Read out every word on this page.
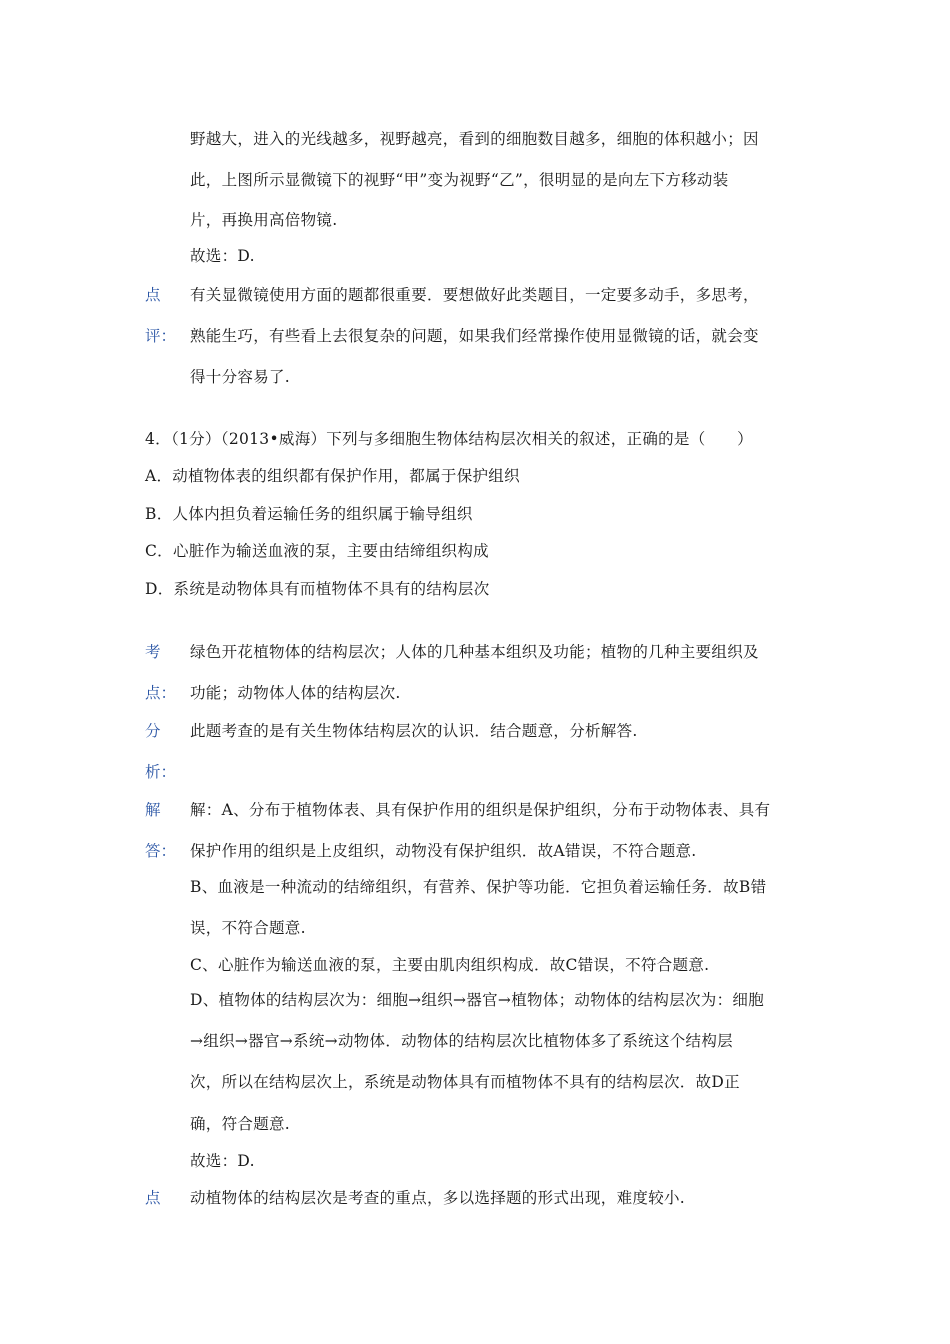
野越大，进入的光线越多，视野越亮，看到的细胞数目越多，细胞的体积越小；因
此，上图所示显微镜下的视野“甲”变为视野“乙”，很明显的是向左下方移动装
片，再换用高倍物镜.
故选：D.
点
评：
有关显微镜使用方面的题都很重要．要想做好此类题目，一定要多动手，多思考，
熟能生巧，有些看上去很复杂的问题，如果我们经常操作使用显微镜的话，就会变
得十分容易了.
4．（1分）（2013•威海）下列与多细胞生物体结构层次相关的叙述，正确的是（　　）
A．动植物体表的组织都有保护作用，都属于保护组织
B．人体内担负着运输任务的组织属于输导组织
C．心脏作为输送血液的泵，主要由结缔组织构成
D．系统是动物体具有而植物体不具有的结构层次
考
点：
绿色开花植物体的结构层次；人体的几种基本组织及功能；植物的几种主要组织及
功能；动物体人体的结构层次.
分
析：
此题考查的是有关生物体结构层次的认识．结合题意，分析解答.
解
答：
解：A、分布于植物体表、具有保护作用的组织是保护组织，分布于动物体表、具有
保护作用的组织是上皮组织，动物没有保护组织．故A错误，不符合题意.
B、血液是一种流动的结缔组织，有营养、保护等功能．它担负着运输任务．故B错
误，不符合题意.
C、心脏作为输送血液的泵，主要由肌肉组织构成．故C错误，不符合题意.
D、植物体的结构层次为：细胞→组织→器官→植物体；动物体的结构层次为：细胞
→组织→器官→系统→动物体．动物体的结构层次比植物体多了系统这个结构层
次，所以在结构层次上，系统是动物体具有而植物体不具有的结构层次．故D正
确，符合题意.
故选：D.
点 动植物体的结构层次是考查的重点，多以选择题的形式出现，难度较小.
